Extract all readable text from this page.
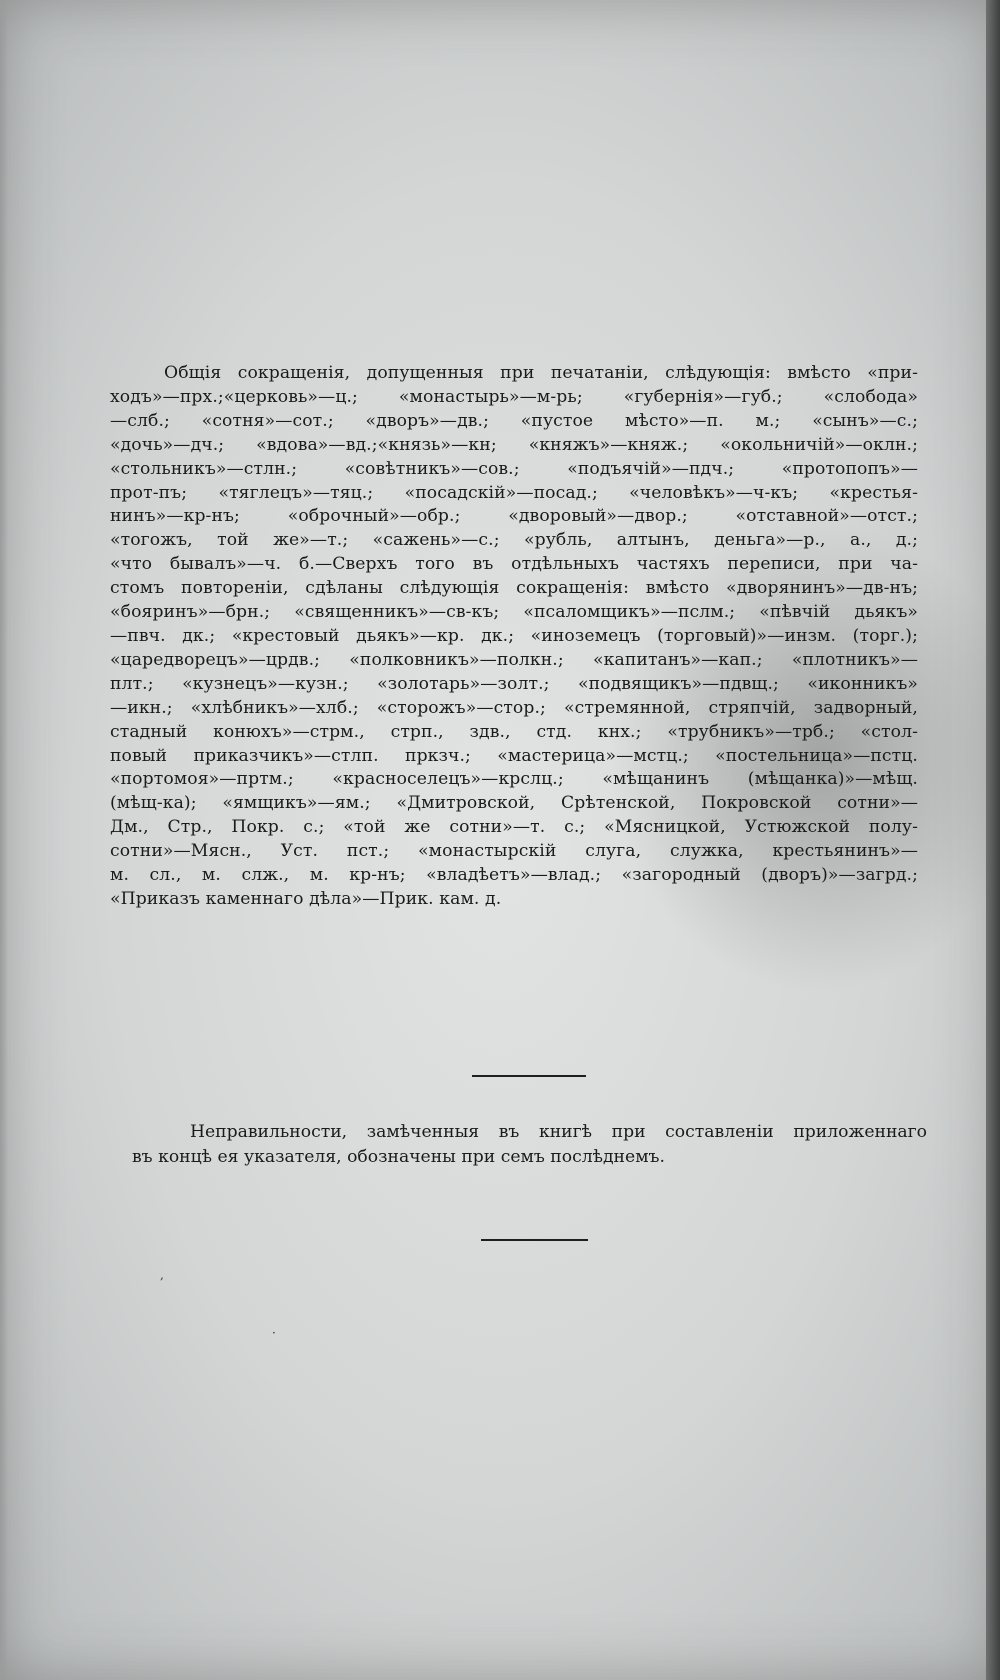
Общія сокращенія, допущенныя при печатаніи, слѣдующія: вмѣсто «при-
ходъ»—прх.;«церковь»—ц.; «монастырь»—м-рь; «губернія»—губ.; «слобода»
—слб.; «сотня»—сот.; «дворъ»—дв.; «пустое мѣсто»—п. м.; «сынъ»—с.;
«дочь»—дч.; «вдова»—вд.;«князь»—кн; «княжъ»—княж.; «окольничій»—оклн.;
«стольникъ»—стлн.; «совѣтникъ»—сов.; «подъячій»—пдч.; «протопопъ»—
прот-пъ; «тяглецъ»—тяц.; «посадскій»—посад.; «человѣкъ»—ч-къ; «крестья-
нинъ»—кр-нъ; «оброчный»—обр.; «дворовый»—двор.; «отставной»—отст.;
«тогожъ, той же»—т.; «сажень»—с.; «рубль, алтынъ, деньга»—р., а., д.;
«что бывалъ»—ч. б.—Сверхъ того въ отдѣльныхъ частяхъ переписи, при ча-
стомъ повтореніи, сдѣланы слѣдующія сокращенія: вмѣсто «дворянинъ»—дв-нъ;
«бояринъ»—брн.; «священникъ»—св-къ; «псаломщикъ»—пслм.; «пѣвчій дьякъ»
—пвч. дк.; «крестовый дьякъ»—кр. дк.; «иноземецъ (торговый)»—инзм. (торг.);
«царедворецъ»—црдв.; «полковникъ»—полкн.; «капитанъ»—кап.; «плотникъ»—
плт.; «кузнецъ»—кузн.; «золотарь»—золт.; «подвящикъ»—пдвщ.; «иконникъ»
—икн.; «хлѣбникъ»—хлб.; «сторожъ»—стор.; «стремянной, стряпчій, задворный,
стадный конюхъ»—стрм., стрп., здв., стд. кнх.; «трубникъ»—трб.; «стол-
повый приказчикъ»—стлп. пркзч.; «мастерица»—мстц.; «постельница»—пстц.
«портомоя»—пртм.; «красноселецъ»—крслц.; «мѣщанинъ (мѣщанка)»—мѣщ.
(мѣщ-ка); «ямщикъ»—ям.; «Дмитровской, Срѣтенской, Покровской сотни»—
Дм., Стр., Покр. с.; «той же сотни»—т. с.; «Мясницкой, Устюжской полу-
сотни»—Мясн., Уст. пст.; «монастырскій слуга, служка, крестьянинъ»—
м. сл., м. слж., м. кр-нъ; «владѣетъ»—влад.; «загородный (дворъ)»—загрд.;
«Приказъ каменнаго дѣла»—Прик. кам. д.
Неправильности, замѣченныя въ книгѣ при составленіи приложеннаго
въ концѣ ея указателя, обозначены при семъ послѣднемъ.
,
·
